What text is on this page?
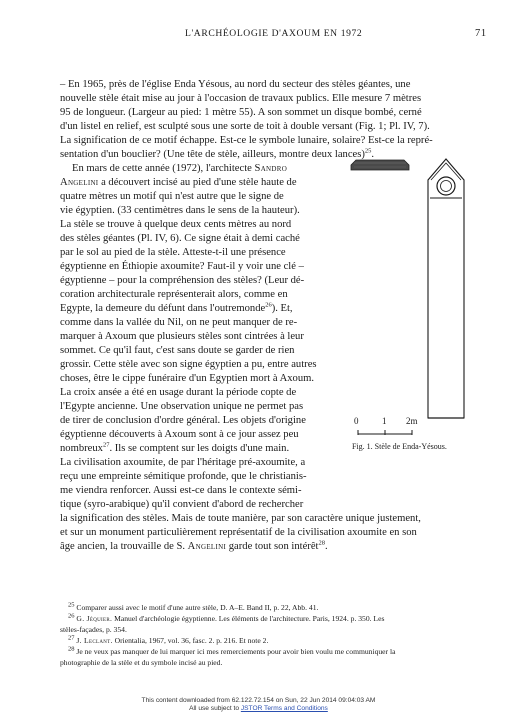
L'ARCHÉOLOGIE D'AXOUM EN 1972	71
– En 1965, près de l'église Enda Yésous, au nord du secteur des stèles géantes, une
nouvelle stèle était mise au jour à l'occasion de travaux publics. Elle mesure 7 mètres
95 de longueur. (Largeur au pied: 1 mètre 55). A son sommet un disque bombé, cerné
d'un listel en relief, est sculpté sous une sorte de toit à double versant (Fig. 1; Pl. IV, 7).
La signification de ce motif échappe. Est-ce le symbole lunaire, solaire? Est-ce la repré-
sentation d'un bouclier? (Une tête de stèle, ailleurs, montre deux lances)$^{25}$.
En mars de cette année (1972), l'architecte Sandro
Angelini a découvert incisé au pied d'une stèle haute de
quatre mètres un motif qui n'est autre que le signe de
vie égyptien. (33 centimètres dans le sens de la hauteur).
La stèle se trouve à quelque deux cents mètres au nord
des stèles géantes (Pl. IV, 6). Ce signe était à demi caché
par le sol au pied de la stèle. Atteste-t-il une présence
égyptienne en Éthiopie axoumite? Faut-il y voir une clé –
égyptienne – pour la compréhension des stèles? (Leur dé-
coration architecturale représenterait alors, comme en
Egypte, la demeure du défunt dans l'outremonde$^{26}$). Et,
comme dans la vallée du Nil, on ne peut manquer de re-
marquer à Axoum que plusieurs stèles sont cintrées à leur
sommet. Ce qu'il faut, c'est sans doute se garder de rien
grossir. Cette stèle avec son signe égyptien a pu, entre autres
choses, être le cippe funéraire d'un Egyptien mort à Axoum.
La croix ansée a été en usage durant la période copte de
l'Egypte ancienne. Une observation unique ne permet pas
de tirer de conclusion d'ordre général. Les objets d'origine
égyptienne découverts à Axoum sont à ce jour assez peu
nombreux$^{27}$. Ils se comptent sur les doigts d'une main.
La civilisation axoumite, de par l'héritage pré-axoumite, a
reçu une empreinte sémitique profonde, que le christianis-
me viendra renforcer. Aussi est-ce dans le contexte sémi-
tique (syro-arabique) qu'il convient d'abord de rechercher
la signification des stèles. Mais de toute manière, par son caractère unique justement,
et sur un monument particulièrement représentatif de la civilisation axoumite en son
âge ancien, la trouvaille de S. Angelini garde tout son intérêt$^{28}$.
0	1 2m
Fig. 1. Stèle de Enda-Yésous.
$^{25}$ Comparer aussi avec le motif d'une autre stèle, D. A–E. Band II, p. 22, Abb. 41.
$^{26}$ G. Jéquier. Manuel d'archéologie égyptienne. Les éléments de l'architecture. Paris, 1924. p. 350. Les
stèles-façades, p. 354.
$^{27}$ J. Leclant. Orientalia, 1967, vol. 36, fasc. 2. p. 216. Et note 2.
$^{28}$ Je ne veux pas manquer de lui marquer ici mes remerciements pour avoir bien voulu me communiquer la
photographie de la stèle et du symbole incisé au pied.
This content downloaded from 62.122.72.154 on Sun, 22 Jun 2014 09:04:03 AM
All use subject to JSTOR Terms and Conditions
